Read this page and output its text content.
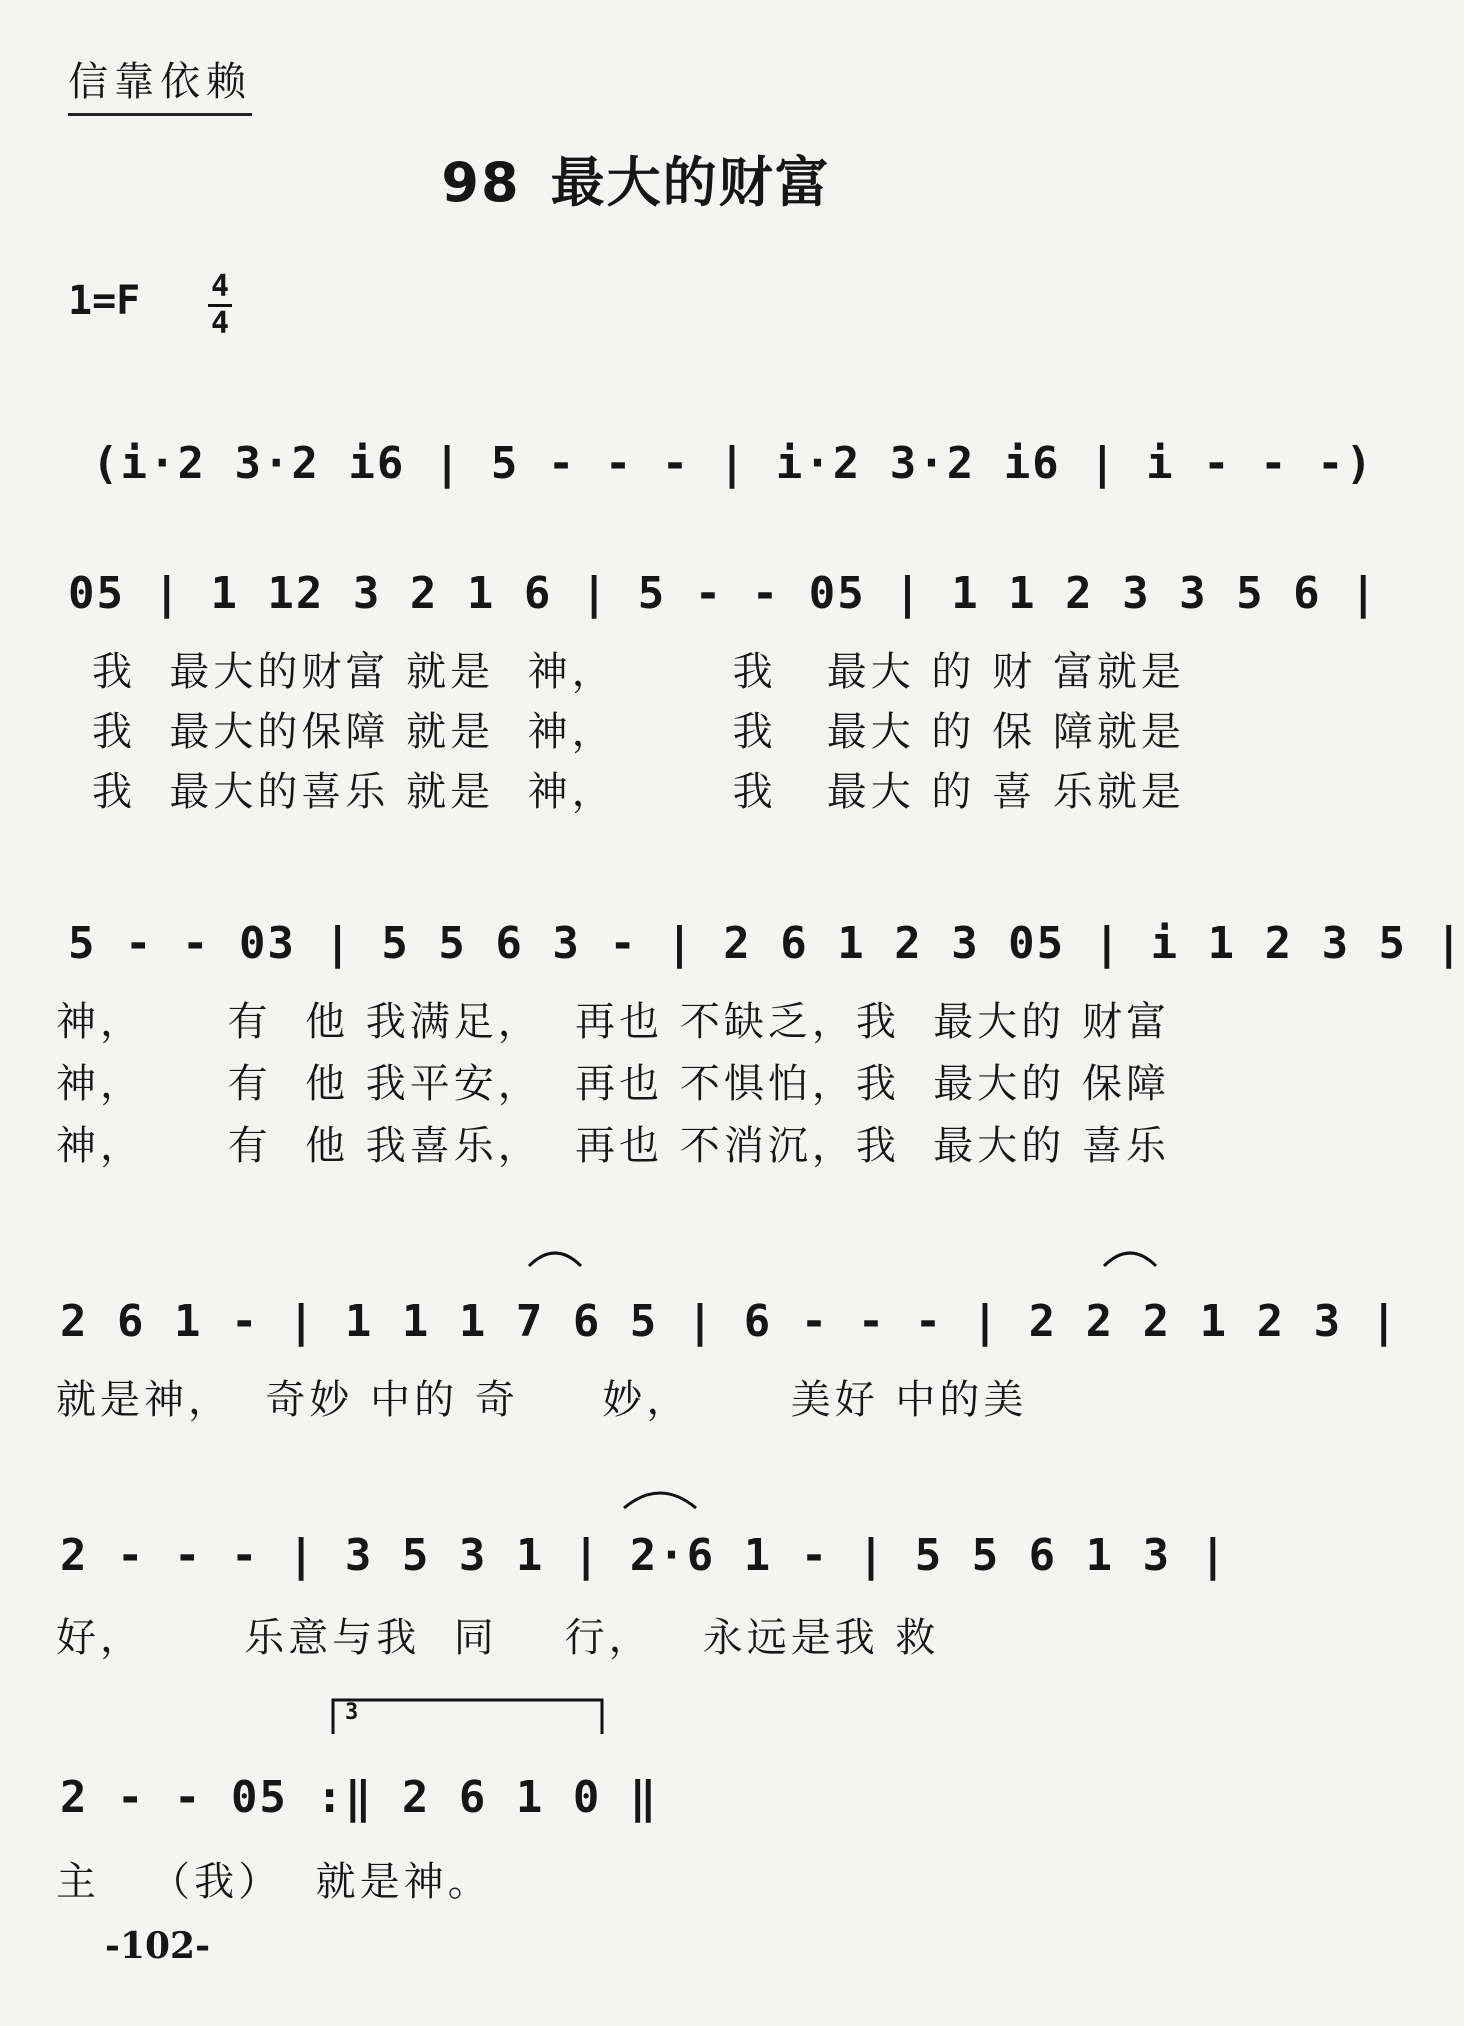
信靠依赖
98 最大的财富
1=F 4
4
(i·2 3·2 i6 | 5 - - - | i·2 3·2 i6 | i - - -)
05 | 1 12 3 2 1 6 | 5 - - 05 | 1 1 2 3 3 5 6 |
我  最大的财富 就是  神，       我   最大 的 财 富就是
我  最大的保障 就是  神，       我   最大 的 保 障就是
我  最大的喜乐 就是  神，       我   最大 的 喜 乐就是
5 - - 03 | 5 5 6 3 - | 2 6 1 2 3 05 | i 1 2 3 5 |
神，     有  他 我满足，  再也 不缺乏，我  最大的 财富
神，     有  他 我平安，  再也 不惧怕，我  最大的 保障
神，     有  他 我喜乐，  再也 不消沉，我  最大的 喜乐
2 6 1 - | 1 1 1 7 6 5 | 6 - - - | 2 2 2 1 2 3 |
就是神，  奇妙 中的 奇     妙，      美好 中的美
2 - - - | 3 5 3 1 | 2·6 1 - | 5 5 6 1 3 |
好，      乐意与我  同    行，   永远是我 救
3
2 - - 05 :‖ 2 6 1 0 ‖
主   （我）  就是神。
-102-
